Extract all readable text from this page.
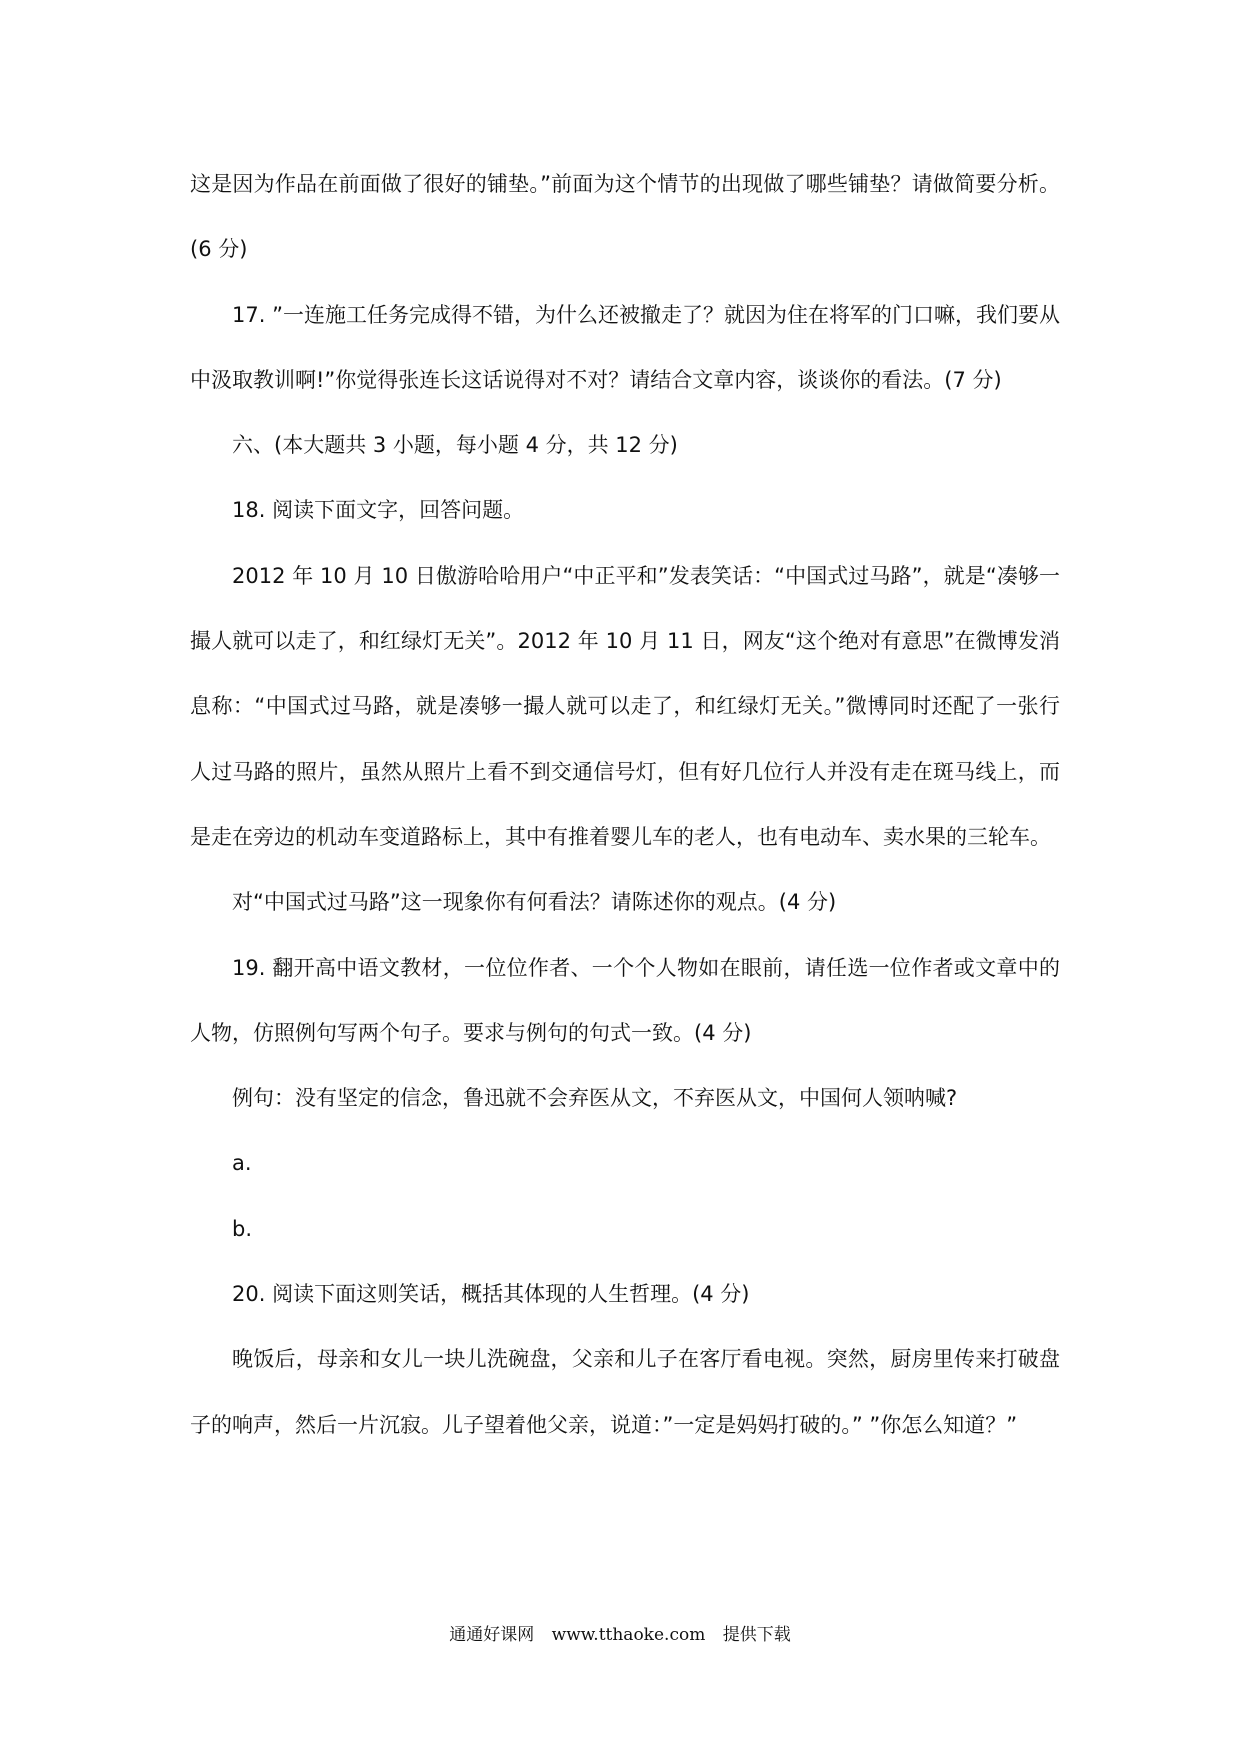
这是因为作品在前面做了很好的铺垫。”前面为这个情节的出现做了哪些铺垫？请做简要分析。(6 分)

17. ”一连施工任务完成得不错，为什么还被撤走了？就因为住在将军的门口嘛，我们要从中汲取教训啊!”你觉得张连长这话说得对不对？请结合文章内容，谈谈你的看法。(7 分)

六、(本大题共 3 小题，每小题 4 分，共 12 分)

18. 阅读下面文字，回答问题。

2012 年 10 月 10 日傲游哈哈用户“中正平和”发表笑话：“中国式过马路”，就是“凑够一撮人就可以走了，和红绿灯无关”。2012 年 10 月 11 日，网友“这个绝对有意思”在微博发消息称：“中国式过马路，就是凑够一撮人就可以走了，和红绿灯无关。”微博同时还配了一张行人过马路的照片，虽然从照片上看不到交通信号灯，但有好几位行人并没有走在斑马线上，而是走在旁边的机动车变道路标上，其中有推着婴儿车的老人，也有电动车、卖水果的三轮车。

对“中国式过马路”这一现象你有何看法？请陈述你的观点。(4 分)

19. 翻开高中语文教材，一位位作者、一个个人物如在眼前，请任选一位作者或文章中的人物，仿照例句写两个句子。要求与例句的句式一致。(4 分)

例句：没有坚定的信念，鲁迅就不会弃医从文，不弃医从文，中国何人领呐喊?

a.

b.

20. 阅读下面这则笑话，概括其体现的人生哲理。(4 分)

晚饭后，母亲和女儿一块儿洗碗盘，父亲和儿子在客厅看电视。突然，厨房里传来打破盘子的响声，然后一片沉寂。儿子望着他父亲，说道：”一定是妈妈打破的。” ”你怎么知道？”

通通好课网 www.tthaoke.com 提供下载
